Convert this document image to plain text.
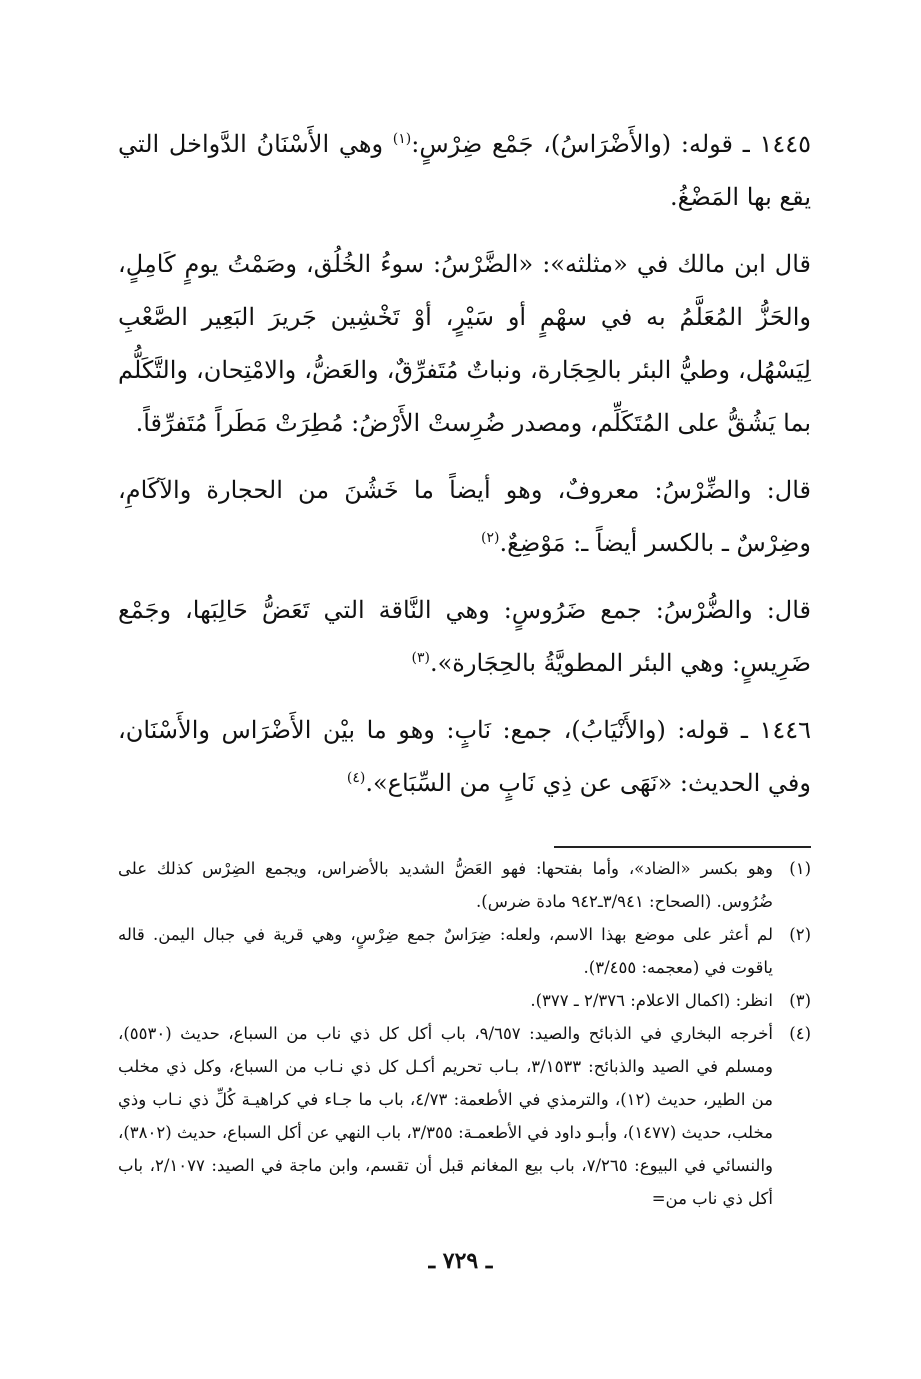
١٤٤٥ ـ قوله: (والأَضْرَاسُ)، جَمْع ضِرْسٍ:$^{(١)}$ وهي الأَسْنَانُ الدَّواخل التي يقع بها المَضْغُ.

قال ابن مالك في «مثلثه»: «الضَّرْسُ: سوءُ الخُلُق، وصَمْتُ يومٍ كَامِلٍ، والحَزُّ المُعَلَّمُ به في سهْمٍ أو سَيْرٍ، أوْ تَخْشِين جَريرَ البَعِير الصَّعْبِ لِيَسْهُل، وطيُّ البئر بالحِجَارة، ونباتٌ مُتَفرِّقٌ، والعَضُّ، والامْتِحان، والتَّكَلُّم بما يَشُقُّ على المُتَكَلِّم، ومصدر ضُرِستْ الأَرْضُ: مُطِرَتْ مَطَراً مُتَفرِّقاً.

قال: والضِّرْسُ: معروفٌ، وهو أيضاً ما خَشُنَ من الحجارة والآكَامِ، وضِرْسٌ ـ بالكسر أيضاً ـ: مَوْضِعٌ.$^{(٢)}$

قال: والضُّرْسُ: جمع ضَرُوسٍ: وهي النَّاقة التي تَعَضُّ حَالِبَها، وجَمْع ضَرِيسٍ: وهي البئر المطويَّةُ بالحِجَارة».$^{(٣)}$

١٤٤٦ ـ قوله: (والأَنْيَابُ)، جمع: نَابٍ: وهو ما بيْن الأَضْرَاس والأَسْنَان، وفي الحديث: «نَهَى عن ذِي نَابٍ من السِّبَاع».$^{(٤)}$

(١)
وهو بكسر «الضاد»، وأما بفتحها: فهو العَضُّ الشديد بالأضراس، ويجمع الضِرْس كذلك على ضُرُوس. (الصحاح: ٣/٩٤١ـ٩٤٢ مادة ضرس).

(٢)
لم أعثر على موضع بهذا الاسم، ولعله: ضِرَاسٌ جمع ضِرْسٍ، وهي قرية في جبال اليمن. قاله ياقوت في (معجمه: ٣/٤٥٥).

(٣)
انظر: (اكمال الاعلام: ٢/٣٧٦ ـ ٣٧٧).

(٤)
أخرجه البخاري في الذبائح والصيد: ٩/٦٥٧، باب أكل كل ذي ناب من السباع، حديث (٥٥٣٠)، ومسلم في الصيد والذبائح: ٣/١٥٣٣، بـاب تحريم أكـل كل ذي نـاب من السباع، وكل ذي مخلب من الطير، حديث (١٢)، والترمذي في الأطعمة: ٤/٧٣، باب ما جـاء في كراهيـة كُلِّ ذي نـاب وذي مخلب، حديث (١٤٧٧)، وأبـو داود في الأطعمـة: ٣/٣٥٥، باب النهي عن أكل السباع، حديث (٣٨٠٢)، والنسائي في البيوع: ٧/٢٦٥، باب بيع المغانم قبل أن تقسم، وابن ماجة في الصيد: ٢/١٠٧٧، باب أكل ذي ناب من=

ـ ٧٢٩ ـ
